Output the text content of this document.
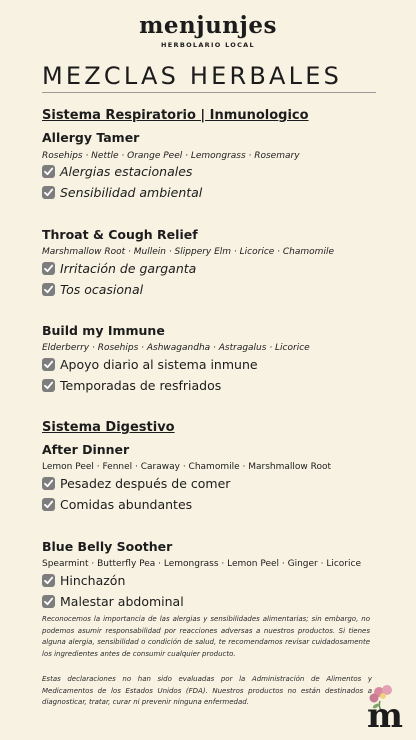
menjunjes
HERBOLARIO LOCAL
MEZCLAS HERBALES
Sistema Respiratorio | Inmunologico
Allergy Tamer
Rosehips · Nettle · Orange Peel · Lemongrass · Rosemary
Alergias estacionales
Sensibilidad ambiental
Throat & Cough Relief
Marshmallow Root · Mullein · Slippery Elm · Licorice · Chamomile
Irritación de garganta
Tos ocasional
Build my Immune
Elderberry · Rosehips · Ashwagandha · Astragalus · Licorice
Apoyo diario al sistema inmune
Temporadas de resfriados
Sistema Digestivo
After Dinner
Lemon Peel · Fennel · Caraway · Chamomile · Marshmallow Root
Pesadez después de comer
Comidas abundantes
Blue Belly Soother
Spearmint · Butterfly Pea · Lemongrass · Lemon Peel · Ginger · Licorice
Hinchazón
Malestar abdominal
Reconocemos la importancia de las alergias y sensibilidades alimentarias; sin embargo, no podemos asumir responsabilidad por reacciones adversas a nuestros productos. Si tienes alguna alergia, sensibilidad o condición de salud, te recomendamos revisar cuidadosamente los ingredientes antes de consumir cualquier producto.
Estas declaraciones no han sido evaluadas por la Administración de Alimentos y Medicamentos de los Estados Unidos (FDA). Nuestros productos no están destinados a diagnosticar, tratar, curar ni prevenir ninguna enfermedad.	m
